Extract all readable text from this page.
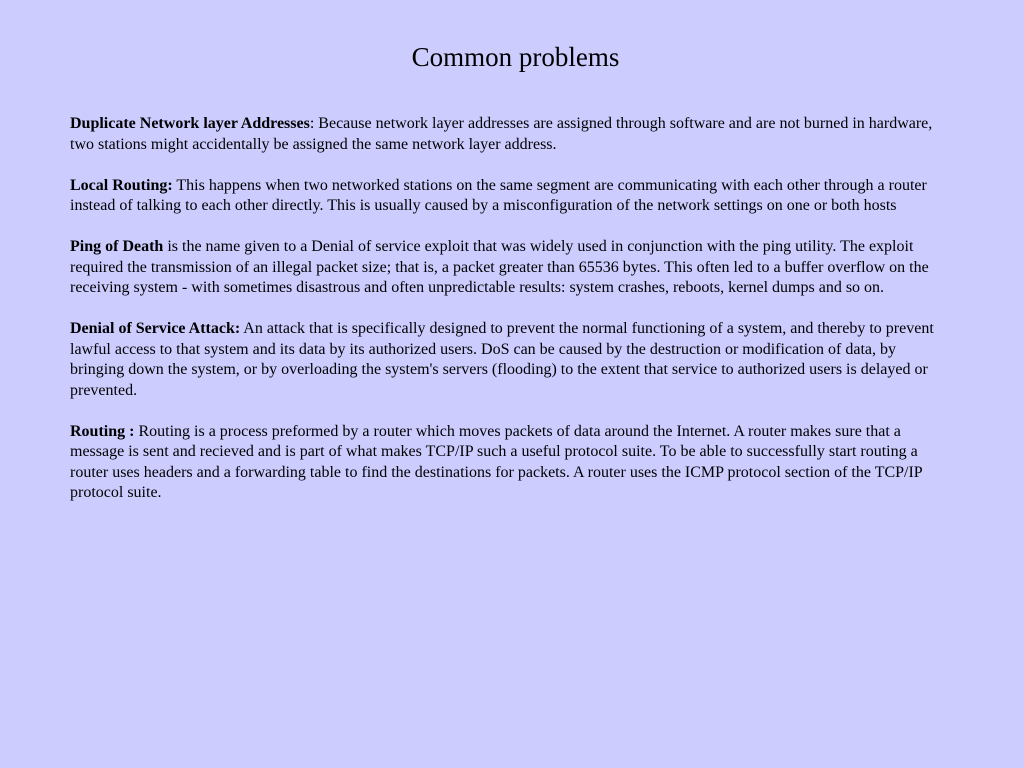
Common problems

Duplicate Network layer Addresses: Because network layer addresses are assigned through software and are not burned in hardware, two stations might accidentally be assigned the same network layer address.

Local Routing: This happens when two networked stations on the same segment are communicating with each other through a router instead of talking to each other directly. This is usually caused by a misconfiguration of the network settings on one or both hosts

Ping of Death is the name given to a Denial of service exploit that was widely used in conjunction with the ping utility. The exploit required the transmission of an illegal packet size; that is, a packet greater than 65536 bytes. This often led to a buffer overflow on the receiving system - with sometimes disastrous and often unpredictable results: system crashes, reboots, kernel dumps and so on.

Denial of Service Attack: An attack that is specifically designed to prevent the normal functioning of a system, and thereby to prevent lawful access to that system and its data by its authorized users. DoS can be caused by the destruction or modification of data, by bringing down the system, or by overloading the system's servers (flooding) to the extent that service to authorized users is delayed or prevented.

Routing : Routing is a process preformed by a router which moves packets of data around the Internet. A router makes sure that a message is sent and recieved and is part of what makes TCP/IP such a useful protocol suite. To be able to successfully start routing a router uses headers and a forwarding table to find the destinations for packets. A router uses the ICMP protocol section of the TCP/IP protocol suite.
